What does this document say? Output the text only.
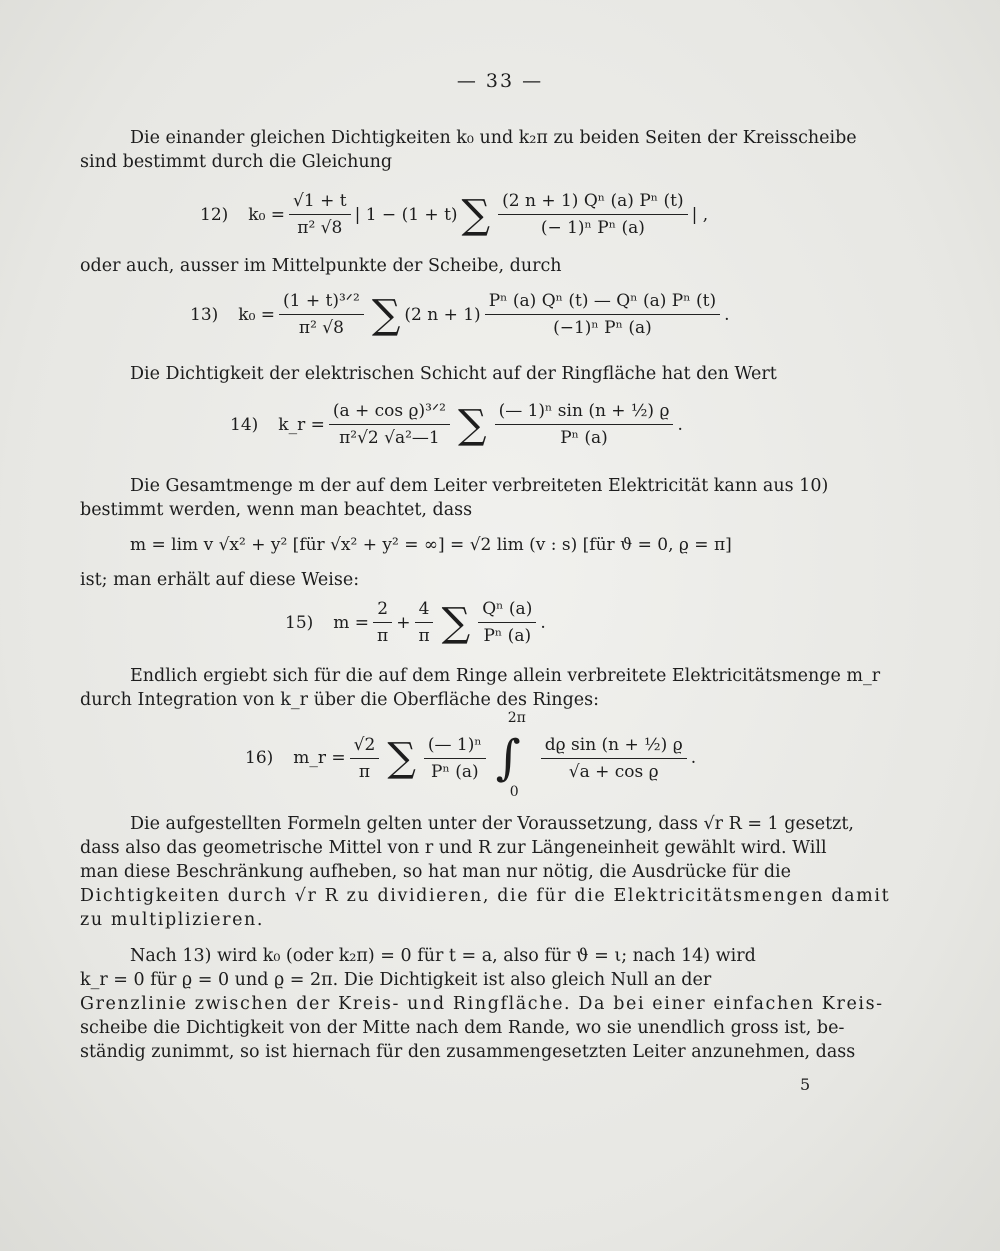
— 33 —
Die einander gleichen Dichtigkeiten k₀ und k₂π zu beiden Seiten der Kreisscheibe
sind bestimmt durch die Gleichung
12) $k_0 = \frac{√1 + t}{\text{π² √8}}$ | 1 − (1 + t) ∑ $\frac{\text{(2 n + 1) Qⁿ (a) Pⁿ (t)}}{\text{(− 1)ⁿ Pⁿ (a)}}$ | ,
oder auch, ausser im Mittelpunkte der Scheibe, durch
13) $k_0 = \frac{\text{(1 + t)³ᐟ²}}{\text{π² √8}}$ ∑ (2 $n + 1) \frac{\text{Pⁿ (a) Qⁿ (t) — Qⁿ (a) Pⁿ (t)}}{\text{(−1)ⁿ Pⁿ (a)}}$ .
Die Dichtigkeit der elektrischen Schicht auf der Ringfläche hat den Wert
14) k_r = $\frac{\text{(a + cos ϱ)³ᐟ²}}{\text{π²√2 √a²—1}}$ ∑ $\frac{\text{(— 1)ⁿ sin (n + ½) ϱ}}{\text{Pⁿ (a)}}$ .
Die Gesamtmenge m der auf dem Leiter verbreiteten Elektricität kann aus 10)
bestimmt werden, wenn man beachtet, dass
m = lim v √x² + y² [für √x² + y² = ∞] = √2 lim (v : s) [für ϑ = 0, ϱ = π]
ist; man erhält auf diese Weise:
15) $m = \frac{2}{\pi} + \frac{4}{\pi}$ ∑ $\frac{\text{Qⁿ (a)}}{\text{Pⁿ (a)}}$ .
Endlich ergiebt sich für die auf dem Ringe allein verbreitete Elektricitätsmenge m_r
durch Integration von k_r über die Oberfläche des Ringes:
16) m_r = $\frac{√2}{\pi}$ ∑ $\frac{\text{(— 1)ⁿ}}{\text{Pⁿ (a)}}$ ∫
2π
0
$\frac{\text{dϱ sin (n + ½) ϱ}}{\text{√a + cos ϱ}}$ .
Die aufgestellten Formeln gelten unter der Voraussetzung, dass √r R = 1 gesetzt,
dass also das geometrische Mittel von r und R zur Längeneinheit gewählt wird. Will
man diese Beschränkung aufheben, so hat man nur nötig, die Ausdrücke für die
Dichtigkeiten durch √r R zu dividieren, die für die Elektricitätsmengen damit
zu multiplizieren.
Nach 13) wird k₀ (oder k₂π) = 0 für t = a, also für ϑ = ι; nach 14) wird
k_r = 0 für ϱ = 0 und ϱ = 2π. Die Dichtigkeit ist also gleich Null an der
Grenzlinie zwischen der Kreis- und Ringfläche. Da bei einer einfachen Kreis-
scheibe die Dichtigkeit von der Mitte nach dem Rande, wo sie unendlich gross ist, be-
ständig zunimmt, so ist hiernach für den zusammengesetzten Leiter anzunehmen, dass
5
